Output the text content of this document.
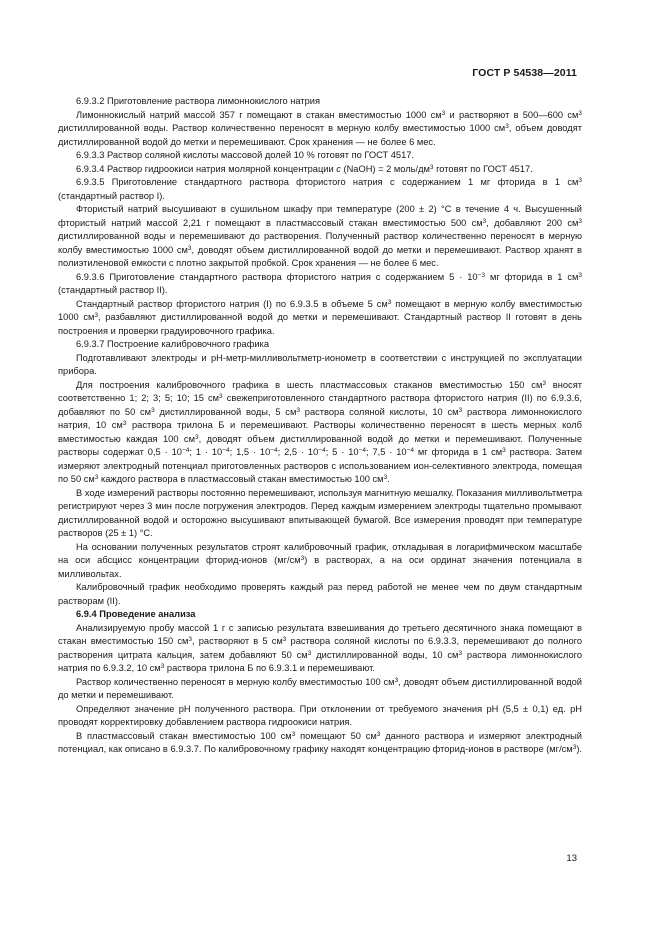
ГОСТ Р 54538—2011

6.9.3.2 Приготовление раствора лимоннокислого натрия

Лимоннокислый натрий массой 357 г помещают в стакан вместимостью 1000 $см^3$ и растворяют в 500—600 $см^3$ дистиллированной воды. Раствор количественно переносят в мерную колбу вместимостью 1000 $см^3$, объем доводят дистиллированной водой до метки и перемешивают. Срок хранения — не более 6 мес.

6.9.3.3 Раствор соляной кислоты массовой долей 10 % готовят по ГОСТ 4517.

6.9.3.4 Раствор гидроокиси натрия молярной концентрации с (NaOH) = 2 моль/$дм^3$ готовят по ГОСТ 4517.

6.9.3.5 Приготовление стандартного раствора фтористого натрия с содержанием 1 мг фторида в 1 $см^3$ (стандартный раствор I).

Фтористый натрий высушивают в сушильном шкафу при температуре (200 ± 2) °С в течение 4 ч. Высушенный фтористый натрий массой 2,21 г помещают в пластмассовый стакан вместимостью 500 $см^3$, добавляют 200 $см^3$ дистиллированной воды и перемешивают до растворения. Полученный раствор количественно переносят в мерную колбу вместимостью 1000 $см^3$, доводят объем дистиллированной водой до метки и перемешивают. Раствор хранят в полиэтиленовой емкости с плотно закрытой пробкой. Срок хранения — не более 6 мес.

6.9.3.6 Приготовление стандартного раствора фтористого натрия с содержанием $5 \cdot 10^{-3}$ мг фторида в 1 $см^3$ (стандартный раствор II).

Стандартный раствор фтористого натрия (I) по 6.9.3.5 в объеме 5 $см^3$ помещают в мерную колбу вместимостью 1000 $см^3$, разбавляют дистиллированной водой до метки и перемешивают. Стандартный раствор II готовят в день построения и проверки градуировочного графика.

6.9.3.7 Построение калибровочного графика

Подготавливают электроды и pH-метр-милливольтметр-иономeтр в соответствии с инструкцией по эксплуатации прибора.

Для построения калибровочного графика в шесть пластмассовых стаканов вместимостью 150 $см^3$ вносят соответственно 1; 2; 3; 5; 10; 15 $см^3$ свежеприготовленного стандартного раствора фтористого натрия (II) по 6.9.3.6, добавляют по 50 $см^3$ дистиллированной воды, 5 $см^3$ раствора соляной кислоты, 10 $см^3$ раствора лимоннокислого натрия, 10 $см^3$ раствора трилона Б и перемешивают. Растворы количественно переносят в шесть мерных колб вместимостью каждая 100 $см^3$, доводят объем дистиллированной водой до метки и перемешивают. Полученные растворы содержат $0,5 \cdot 10^{-4}$; $1 \cdot 10^{-4}$; $1,5 \cdot 10^{-4}$; $2,5 \cdot 10^{-4}$; $5 \cdot 10^{-4}$; $7,5 \cdot 10^{-4}$ мг фторида в 1 $см^3$ раствора. Затем измеряют электродный потенциал приготовленных растворов с использованием ион-селективного электрода, помещая по 50 $см^3$ каждого раствора в пластмассовый стакан вместимостью 100 $см^3$.

В ходе измерений растворы постоянно перемешивают, используя магнитную мешалку. Показания милливольтметра регистрируют через 3 мин после погружения электродов. Перед каждым измерением электроды тщательно промывают дистиллированной водой и осторожно высушивают впитывающей бумагой. Все измерения проводят при температуре растворов (25 ± 1) °С.

На основании полученных результатов строят калибровочный график, откладывая в логарифмическом масштабе на оси абсцисс концентрации фторид-ионов $(мг/см^3)$ в растворах, а на оси ординат значения потенциала в милливольтах.

Калибровочный график необходимо проверять каждый раз перед работой не менее чем по двум стандартным растворам (II).

6.9.4 Проведение анализа

Анализируемую пробу массой 1 г с записью результата взвешивания до третьего десятичного знака помещают в стакан вместимостью 150 $см^3$, растворяют в 5 $см^3$ раствора соляной кислоты по 6.9.3.3, перемешивают до полного растворения цитрата кальция, затем добавляют 50 $см^3$ дистиллированной воды, 10 $см^3$ раствора лимоннокислого натрия по 6.9.3.2, 10 $см^3$ раствора трилона Б по 6.9.3.1 и перемешивают.

Раствор количественно переносят в мерную колбу вместимостью 100 $см^3$, доводят объем дистиллированной водой до метки и перемешивают.

Определяют значение pH полученного раствора. При отклонении от требуемого значения pH (5,5 ± 0,1) ед. pH проводят корректировку добавлением раствора гидроокиси натрия.

В пластмассовый стакан вместимостью 100 $см^3$ помещают 50 $см^3$ данного раствора и измеряют электродный потенциал, как описано в 6.9.3.7. По калибровочному графику находят концентрацию фторид-ионов в растворе $(мг/см^3)$.

13
